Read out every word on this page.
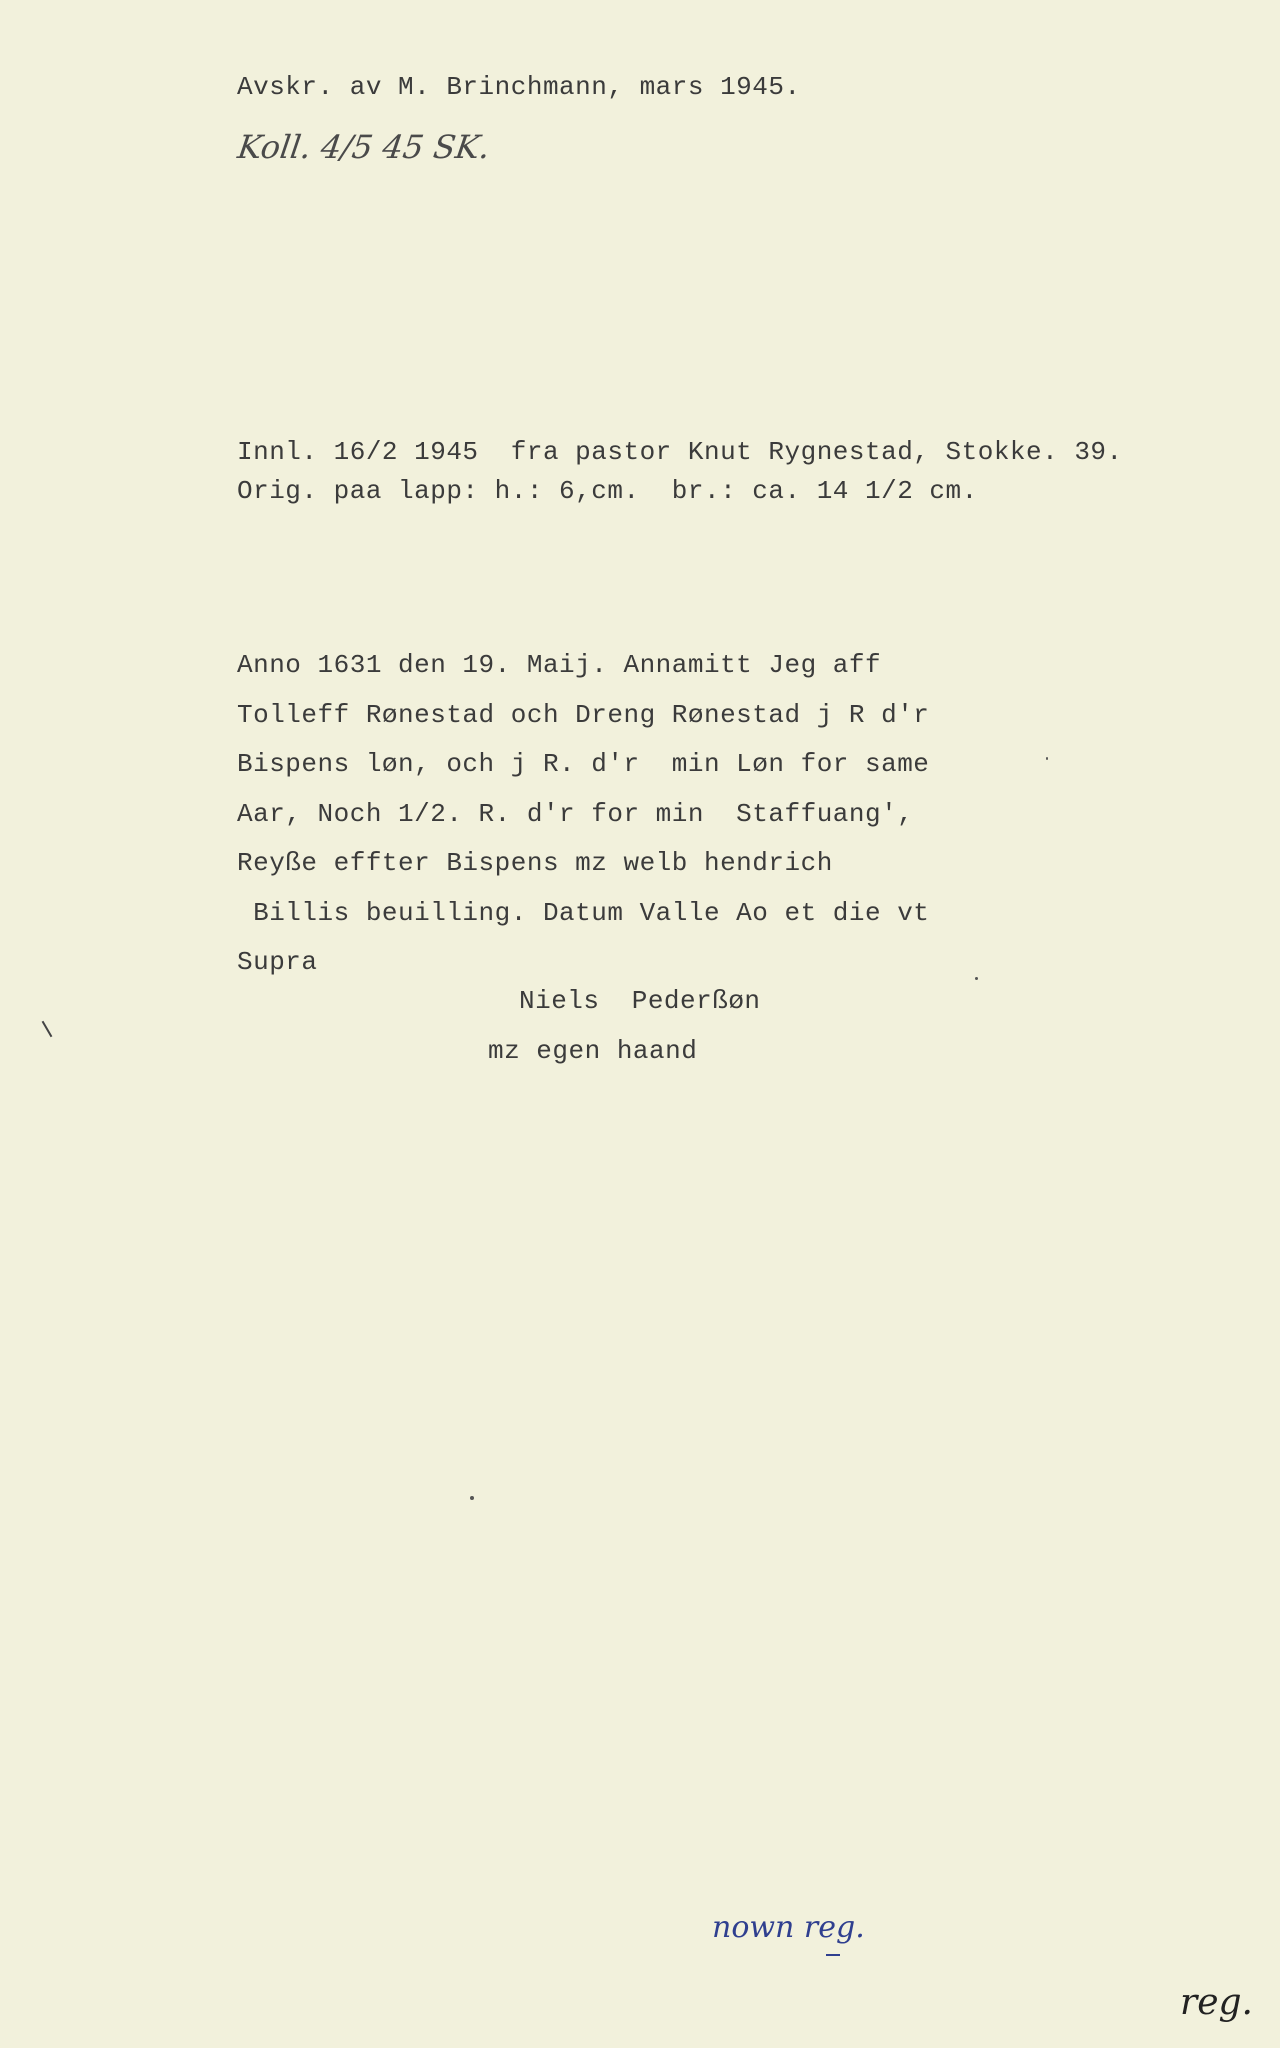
Avskr. av M. Brinchmann, mars 1945.
Koll. 4/5 45 SK.
Innl. 16/2 1945  fra pastor Knut Rygnestad, Stokke. 39.
Orig. paa lapp: h.: 6,cm.  br.: ca. 14 1/2 cm.
Anno 1631 den 19. Maij. Annamitt Jeg aff
Tolleff Rønestad och Dreng Rønestad j R d'r
Bispens løn, och j R. d'r  min Løn for same
Aar, Noch 1/2. R. d'r for min  Staffuang',
Reyße effter Bispens mz welb hendrich
Billis beuilling. Datum Valle Ao et die vt
Supra
Niels  Pederßøn
mz egen haand
nown reg.
reg.
